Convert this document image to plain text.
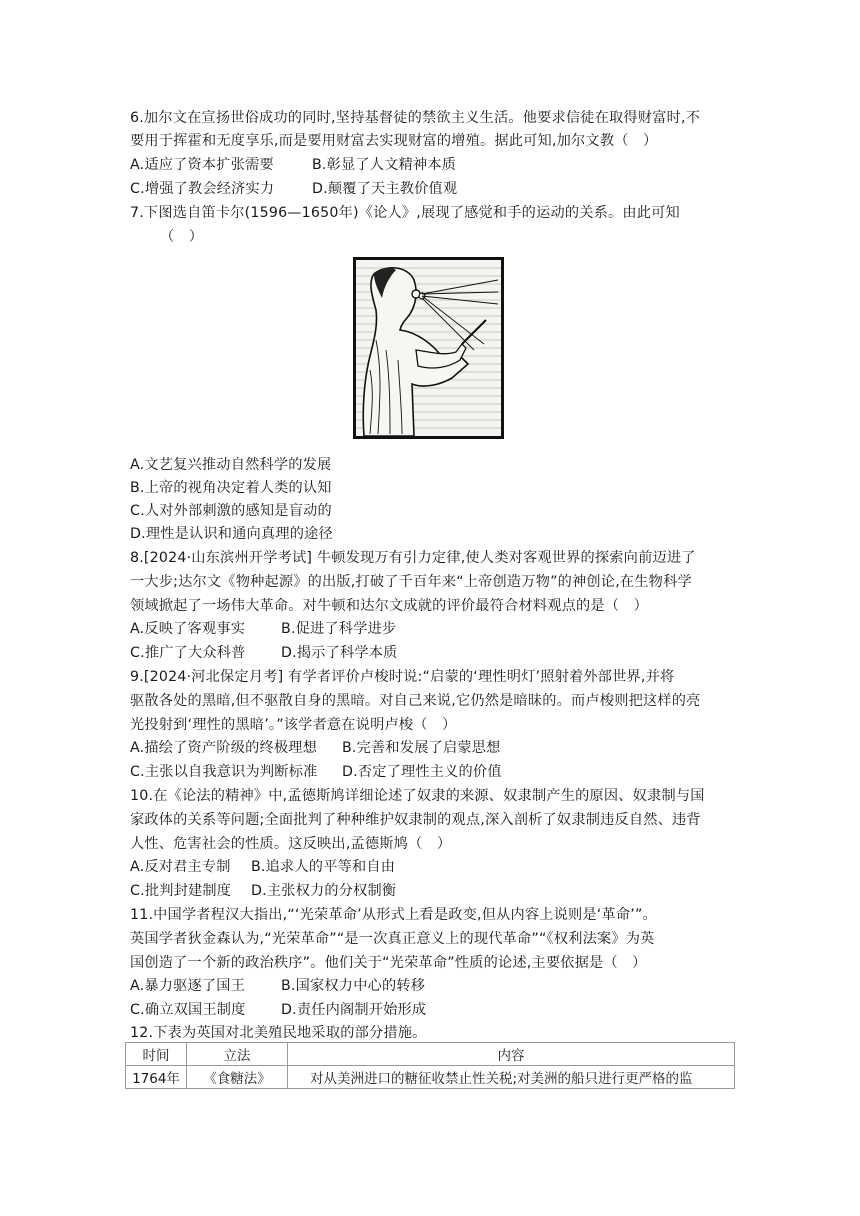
6.加尔文在宣扬世俗成功的同时,坚持基督徒的禁欲主义生活。他要求信徒在取得财富时,不
要用于挥霍和无度享乐,而是要用财富去实现财富的增殖。据此可知,加尔文教（　）
A.适应了资本扩张需要	B.彰显了人文精神本质
C.增强了教会经济实力	D.颠覆了天主教价值观
7.下图选自笛卡尔(1596—1650年)《论人》,展现了感觉和手的运动的关系。由此可知
（　）
A.文艺复兴推动自然科学的发展
B.上帝的视角决定着人类的认知
C.人对外部刺激的感知是盲动的
D.理性是认识和通向真理的途径
8.[2024·山东滨州开学考试] 牛顿发现万有引力定律,使人类对客观世界的探索向前迈进了
一大步;达尔文《物种起源》的出版,打破了千百年来“上帝创造万物”的神创论,在生物科学
领域掀起了一场伟大革命。对牛顿和达尔文成就的评价最符合材料观点的是（　）
A.反映了客观事实	B.促进了科学进步
C.推广了大众科普 D.揭示了科学本质
9.[2024·河北保定月考] 有学者评价卢梭时说:“启蒙的‘理性明灯’照射着外部世界,并将
驱散各处的黑暗,但不驱散自身的黑暗。对自己来说,它仍然是暗昧的。而卢梭则把这样的亮
光投射到‘理性的黑暗’。”该学者意在说明卢梭（　）
A.描绘了资产阶级的终极理想 B.完善和发展了启蒙思想
C.主张以自我意识为判断标准 D.否定了理性主义的价值
10.在《论法的精神》中,孟德斯鸠详细论述了奴隶的来源、奴隶制产生的原因、奴隶制与国
家政体的关系等问题;全面批判了种种维护奴隶制的观点,深入剖析了奴隶制违反自然、违背
人性、危害社会的性质。这反映出,孟德斯鸠（　）
A.反对君主专制 B.追求人的平等和自由
C.批判封建制度 D.主张权力的分权制衡
11.中国学者程汉大指出,“‘光荣革命’从形式上看是政变,但从内容上说则是‘革命’”。
英国学者狄金森认为,“光荣革命”“是一次真正意义上的现代革命”“《权利法案》为英
国创造了一个新的政治秩序”。他们关于“光荣革命”性质的论述,主要依据是（　）
A.暴力驱逐了国王	B.国家权力中心的转移
C.确立双国王制度 D.责任内阁制开始形成
12.下表为英国对北美殖民地采取的部分措施。
时间	立法	内容
1764年	《食糖法》	对从美洲进口的糖征收禁止性关税;对美洲的船只进行更严格的监
